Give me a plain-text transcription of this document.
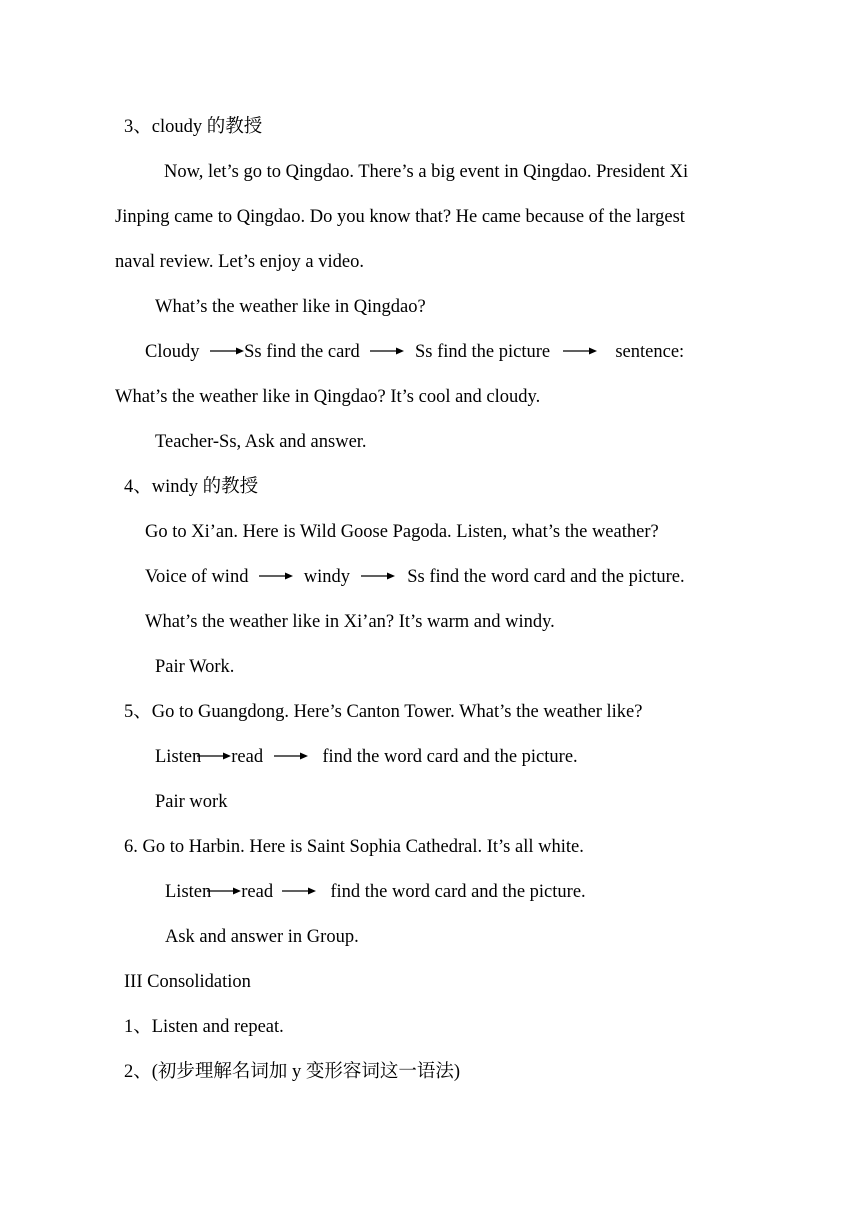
3、cloudy 的教授
Now, let’s go to Qingdao. There’s a big event in Qingdao. President Xi
Jinping came to Qingdao. Do you know that? He came because of the largest
naval review. Let’s enjoy a video.
What’s the weather like in Qingdao?
Cloudy Ss find the card	Ss find the picture	sentence:
What’s the weather like in Qingdao? It’s cool and cloudy.
Teacher-Ss, Ask and answer.
4、windy 的教授
Go to Xi’an. Here is Wild Goose Pagoda. Listen, what’s the weather?
Voice of wind	windy	Ss find the word card and the picture.
What’s the weather like in Xi’an? It’s warm and windy.
Pair Work.
5、Go to Guangdong. Here’s Canton Tower. What’s the weather like?
Listen read	find the word card and the picture.
Pair work
6. Go to Harbin. Here is Saint Sophia Cathedral. It’s all white.
Listen read	find the word card and the picture.
Ask and answer in Group.
III Consolidation
1、Listen and repeat.
2、(初步理解名词加 y 变形容词这一语法)
